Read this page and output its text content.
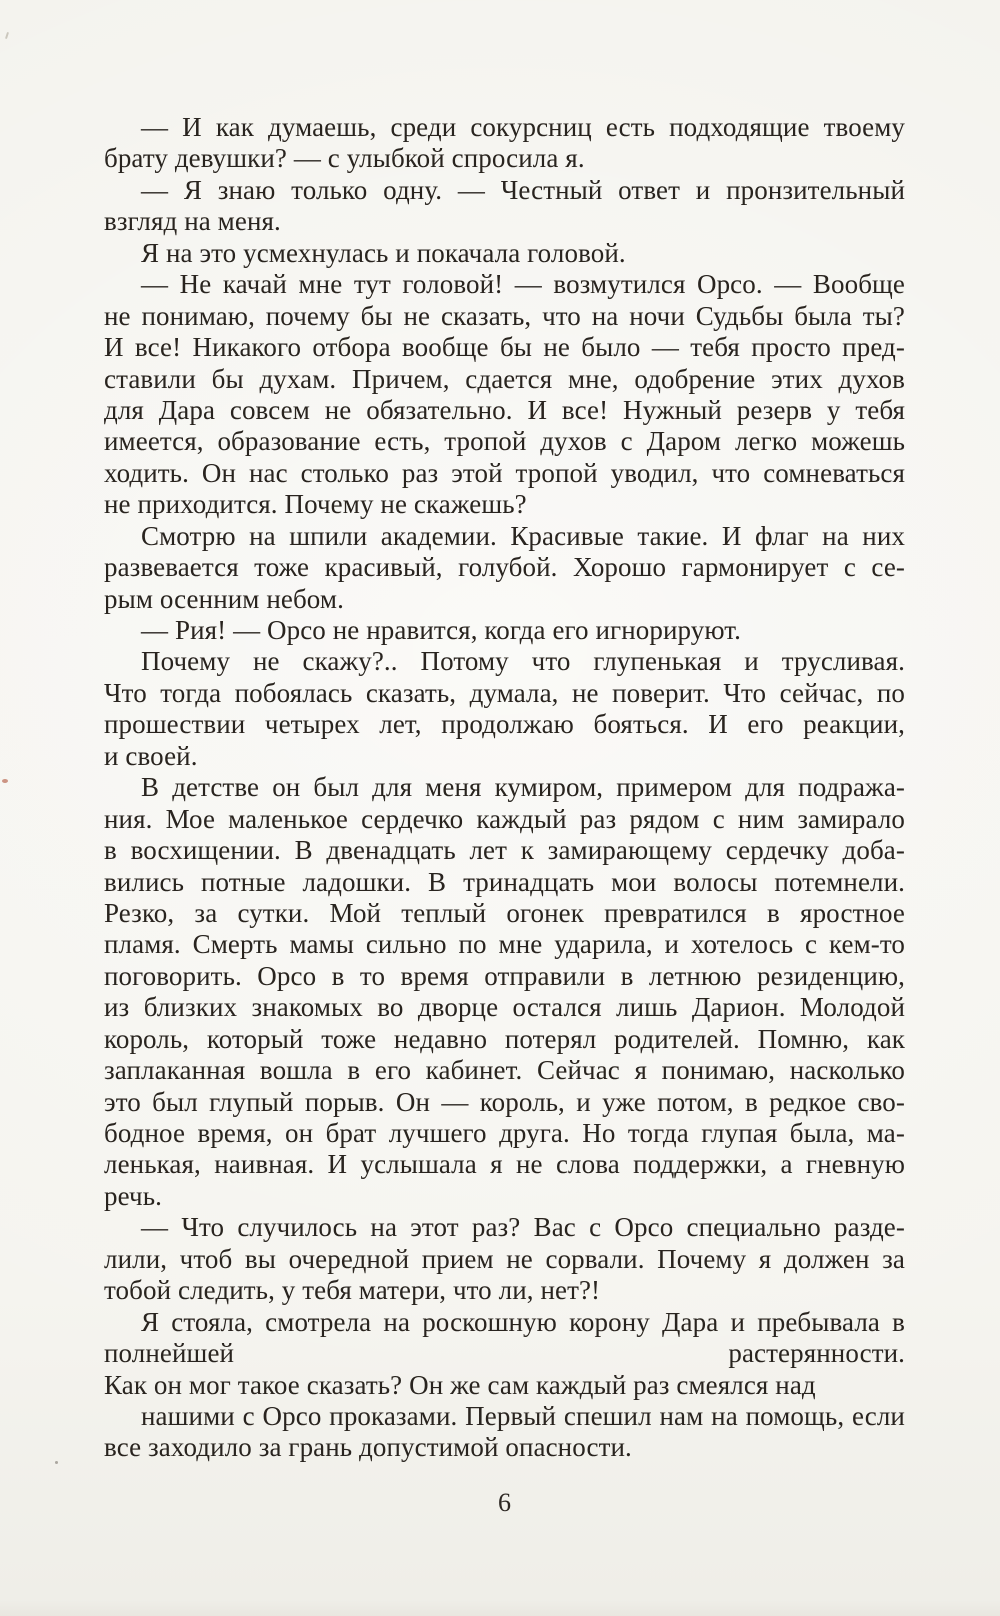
— И как думаешь, среди сокурсниц есть подходящие твоему
брату девушки? — с улыбкой спросила я.
— Я знаю только одну. — Честный ответ и пронзительный
взгляд на меня.
Я на это усмехнулась и покачала головой.
— Не качай мне тут головой! — возмутился Орсо. — Вообще
не понимаю, почему бы не сказать, что на ночи Судьбы была ты?
И все! Никакого отбора вообще бы не было — тебя просто пред-
ставили бы духам. Причем, сдается мне, одобрение этих духов
для Дара совсем не обязательно. И все! Нужный резерв у тебя
имеется, образование есть, тропой духов с Даром легко можешь
ходить. Он нас столько раз этой тропой уводил, что сомневаться
не приходится. Почему не скажешь?
Смотрю на шпили академии. Красивые такие. И флаг на них
развевается тоже красивый, голубой. Хорошо гармонирует с се-
рым осенним небом.
— Рия! — Орсо не нравится, когда его игнорируют.
Почему не скажу?.. Потому что глупенькая и трусливая.
Что тогда побоялась сказать, думала, не поверит. Что сейчас, по
прошествии четырех лет, продолжаю бояться. И его реакции,
и своей.
В детстве он был для меня кумиром, примером для подража-
ния. Мое маленькое сердечко каждый раз рядом с ним замирало
в восхищении. В двенадцать лет к замирающему сердечку доба-
вились потные ладошки. В тринадцать мои волосы потемнели.
Резко, за сутки. Мой теплый огонек превратился в яростное
пламя. Смерть мамы сильно по мне ударила, и хотелось с кем-то
поговорить. Орсо в то время отправили в летнюю резиденцию,
из близких знакомых во дворце остался лишь Дарион. Молодой
король, который тоже недавно потерял родителей. Помню, как
заплаканная вошла в его кабинет. Сейчас я понимаю, насколько
это был глупый порыв. Он — король, и уже потом, в редкое сво-
бодное время, он брат лучшего друга. Но тогда глупая была, ма-
ленькая, наивная. И услышала я не слова поддержки, а гневную
речь.
— Что случилось на этот раз? Вас с Орсо специально разде-
лили, чтоб вы очередной прием не сорвали. Почему я должен за
тобой следить, у тебя матери, что ли, нет?!
Я стояла, смотрела на роскошную корону Дара и пребывала в
полнейшей растерянности.
Как он мог такое сказать? Он же сам каждый раз смеялся над
нашими с Орсо проказами. Первый спешил нам на помощь, если
все заходило за грань допустимой опасности.
6
